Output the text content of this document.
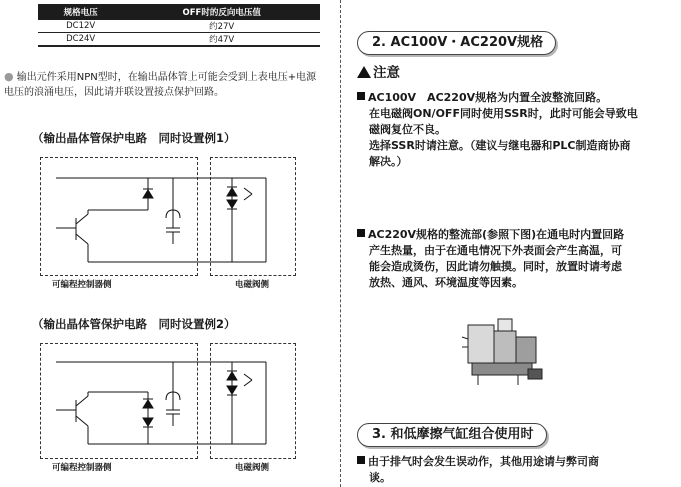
规格电压	OFF时的反向电压值
DC12V	约27V
DC24V	约47V
● 输出元件采用NPN型时，在输出晶体管上可能会受到上表电压+电源电压的浪涌电压，因此请并联设置接点保护回路。
（输出晶体管保护电路　同时设置例1）
可编程控制器侧	电磁阀侧
（输出晶体管保护电路　同时设置例2）
可编程控制器侧	电磁阀侧
2. AC100V・AC220V规格
注意
AC100V　AC220V规格为内置全波整流回路。
在电磁阀ON/OFF同时使用SSR时，此时可能会导致电
磁阀复位不良。
选择SSR时请注意。（建议与继电器和PLC制造商协商
解决。）
AC220V规格的整流部(参照下图)在通电时内置回路
产生热量，由于在通电情况下外表面会产生高温，可
能会造成烫伤，因此请勿触摸。同时，放置时请考虑
放热、通风、环境温度等因素。
3. 和低摩擦气缸组合使用时
由于排气时会发生误动作，其他用途请与弊司商
谈。
